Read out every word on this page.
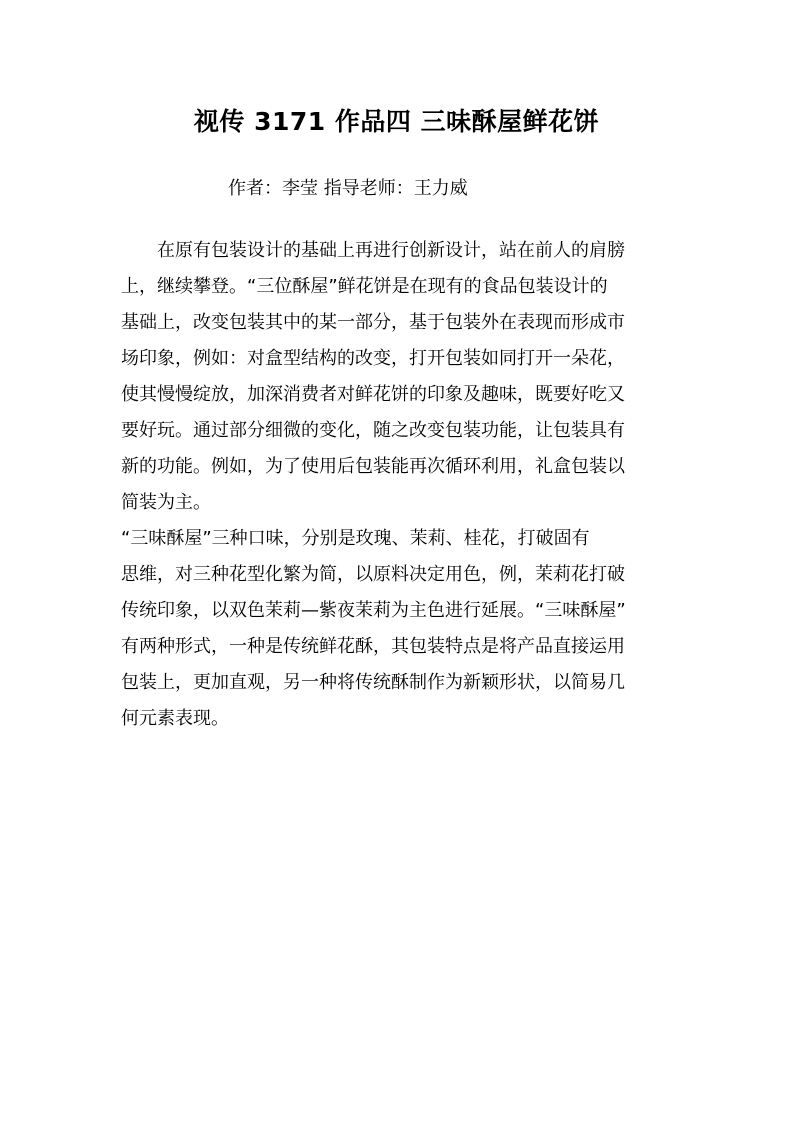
视传 3171 作品四 三味酥屋鲜花饼
作者：李莹 指导老师：王力威
　　在原有包装设计的基础上再进行创新设计，站在前人的肩膀
上，继续攀登。“三位酥屋”鲜花饼是在现有的食品包装设计的
基础上，改变包装其中的某一部分，基于包装外在表现而形成市
场印象，例如：对盒型结构的改变，打开包装如同打开一朵花，
使其慢慢绽放，加深消费者对鲜花饼的印象及趣味，既要好吃又
要好玩。通过部分细微的变化，随之改变包装功能，让包装具有
新的功能。例如，为了使用后包装能再次循环利用，礼盒包装以
简装为主。
“三味酥屋”三种口味，分别是玫瑰、茉莉、桂花，打破固有
思维，对三种花型化繁为简，以原料决定用色，例，茉莉花打破
传统印象，以双色茉莉—紫夜茉莉为主色进行延展。“三味酥屋”
有两种形式，一种是传统鲜花酥，其包装特点是将产品直接运用
包装上，更加直观，另一种将传统酥制作为新颖形状，以简易几
何元素表现。
